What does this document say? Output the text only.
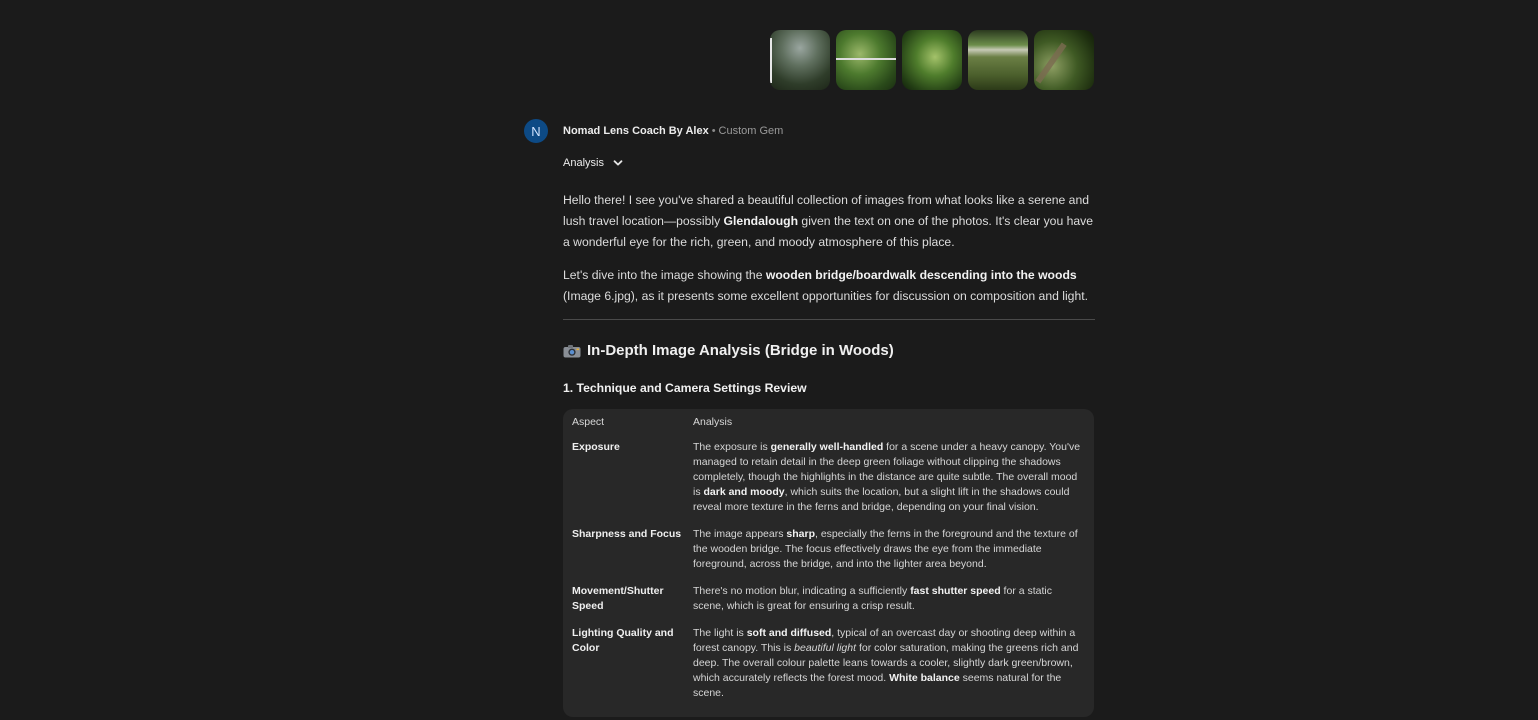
N	Nomad Lens Coach By Alex • Custom Gem
Analysis

Hello there! I see you've shared a beautiful collection of images from what looks like a serene and lush travel location—possibly Glendalough given the text on one of the photos. It's clear you have a wonderful eye for the rich, green, and moody atmosphere of this place.

Let's dive into the image showing the wooden bridge/boardwalk descending into the woods (Image 6.jpg), as it presents some excellent opportunities for discussion on composition and light.

In-Depth Image Analysis (Bridge in Woods)
1. Technique and Camera Settings Review
Aspect	Analysis
Exposure	The exposure is generally well-handled for a scene under a heavy canopy. You've managed to retain detail in the deep green foliage without clipping the shadows completely, though the highlights in the distance are quite subtle. The overall mood is dark and moody, which suits the location, but a slight lift in the shadows could reveal more texture in the ferns and bridge, depending on your final vision.
Sharpness and Focus	The image appears sharp, especially the ferns in the foreground and the texture of the wooden bridge. The focus effectively draws the eye from the immediate foreground, across the bridge, and into the lighter area beyond.
Movement/Shutter Speed	There's no motion blur, indicating a sufficiently fast shutter speed for a static scene, which is great for ensuring a crisp result.
Lighting Quality and Color	The light is soft and diffused, typical of an overcast day or shooting deep within a forest canopy. This is beautiful light for color saturation, making the greens rich and deep. The overall colour palette leans towards a cooler, slightly dark green/brown, which accurately reflects the forest mood. White balance seems natural for the scene.
